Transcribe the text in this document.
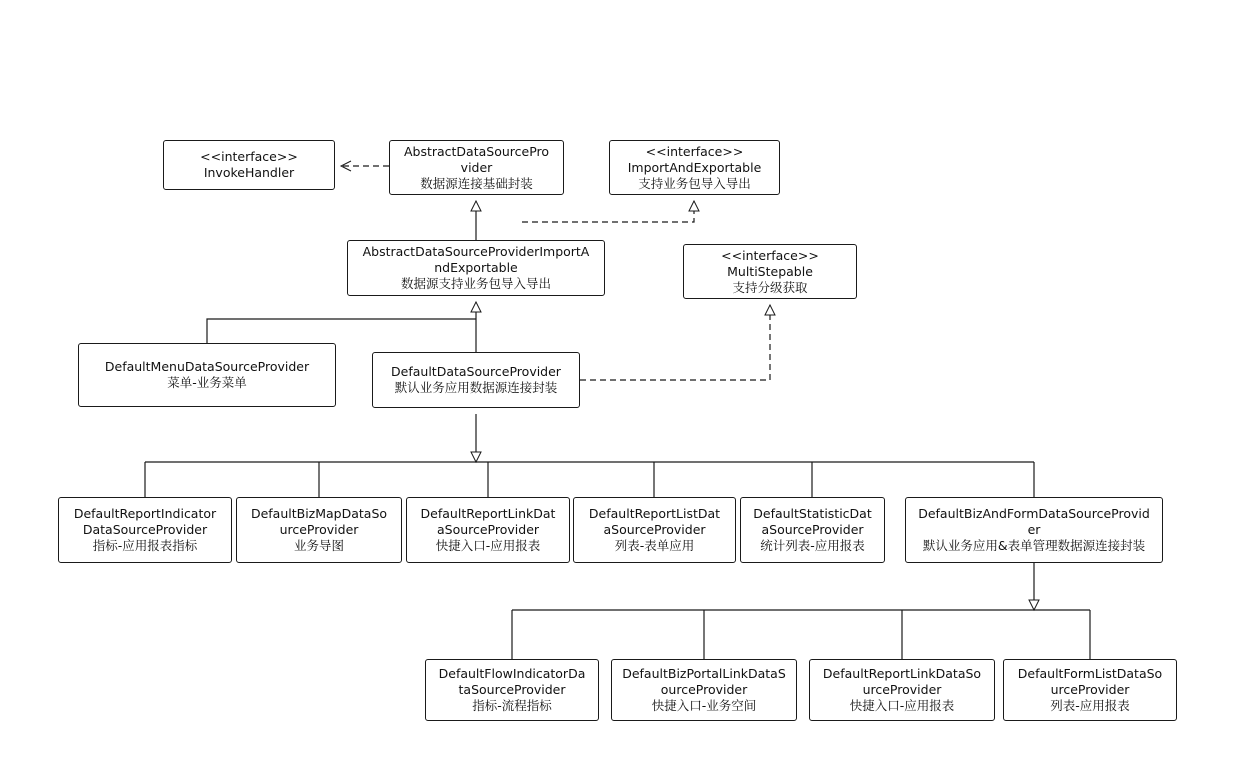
<<interface>>
InvokeHandler
AbstractDataSourcePro
vider
数据源连接基础封装
<<interface>>
ImportAndExportable
支持业务包导入导出
AbstractDataSourceProviderImportA
ndExportable
数据源支持业务包导入导出
<<interface>>
MultiStepable
支持分级获取
DefaultMenuDataSourceProvider
菜单-业务菜单
DefaultDataSourceProvider
默认业务应用数据源连接封装
DefaultReportIndicator
DataSourceProvider
指标-应用报表指标
DefaultBizMapDataSo
urceProvider
业务导图
DefaultReportLinkDat
aSourceProvider
快捷入口-应用报表
DefaultReportListDat
aSourceProvider
列表-表单应用
DefaultStatisticDat
aSourceProvider
统计列表-应用报表
DefaultBizAndFormDataSourceProvid
er
默认业务应用&表单管理数据源连接封装
DefaultFlowIndicatorDa
taSourceProvider
指标-流程指标
DefaultBizPortalLinkDataS
ourceProvider
快捷入口-业务空间
DefaultReportLinkDataSo
urceProvider
快捷入口-应用报表
DefaultFormListDataSo
urceProvider
列表-应用报表
